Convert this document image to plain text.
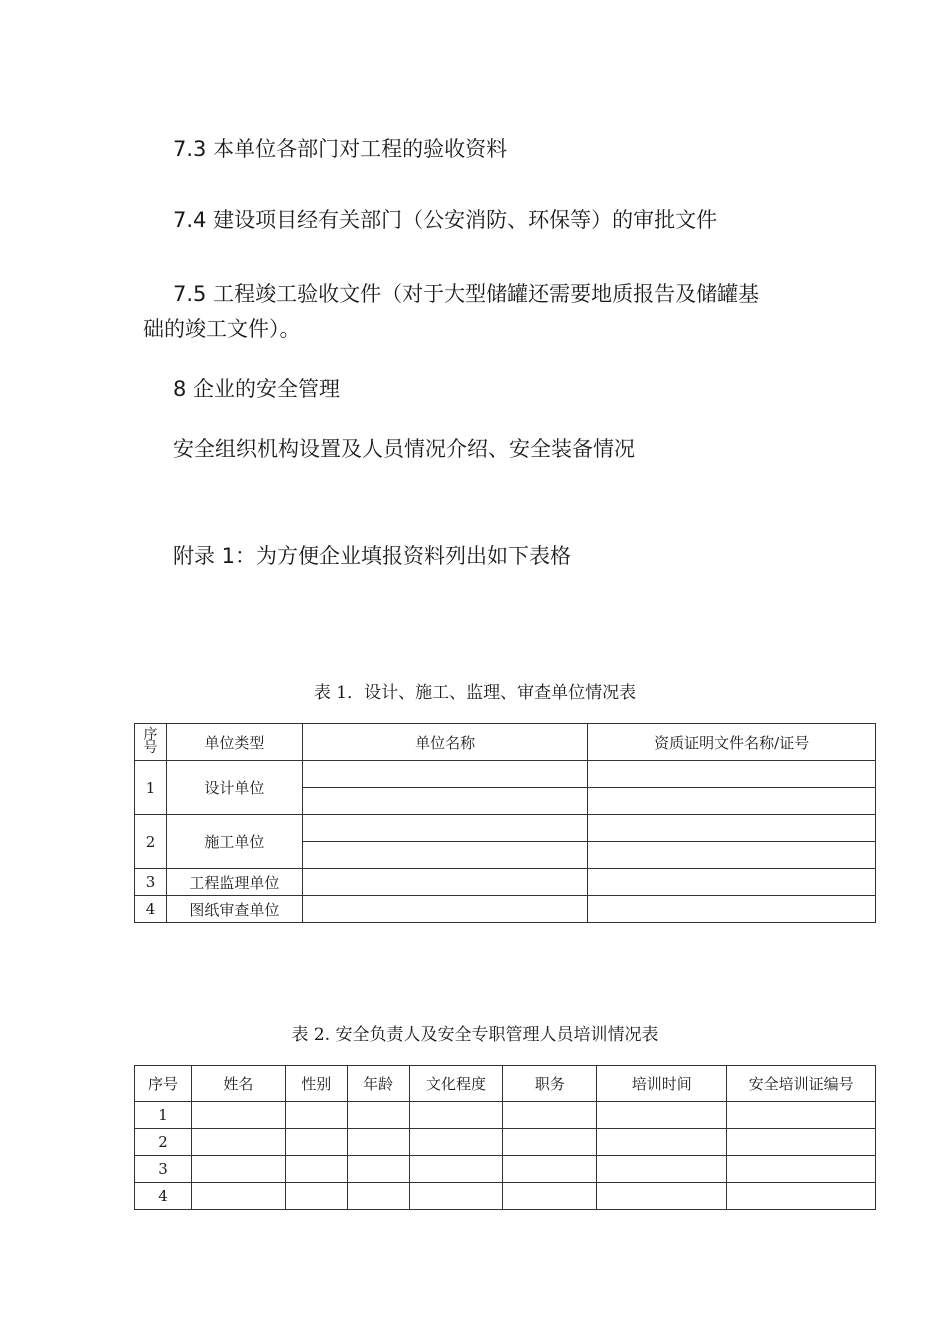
7.3 本单位各部门对工程的验收资料
7.4 建设项目经有关部门（公安消防、环保等）的审批文件
7.5 工程竣工验收文件（对于大型储罐还需要地质报告及储罐基
础的竣工文件）。
8 企业的安全管理
安全组织机构设置及人员情况介绍、安全装备情况
附录 1：为方便企业填报资料列出如下表格
表 1．设计、施工、监理、审查单位情况表
序
号	单位类型	单位名称	资质证明文件名称/证号
1	设计单位		

2	施工单位		

3	工程监理单位		
4	图纸审查单位		
表 2. 安全负责人及安全专职管理人员培训情况表
序号	姓名	性别	年龄	文化程度	职务	培训时间	安全培训证编号
1							
2							
3							
4							
